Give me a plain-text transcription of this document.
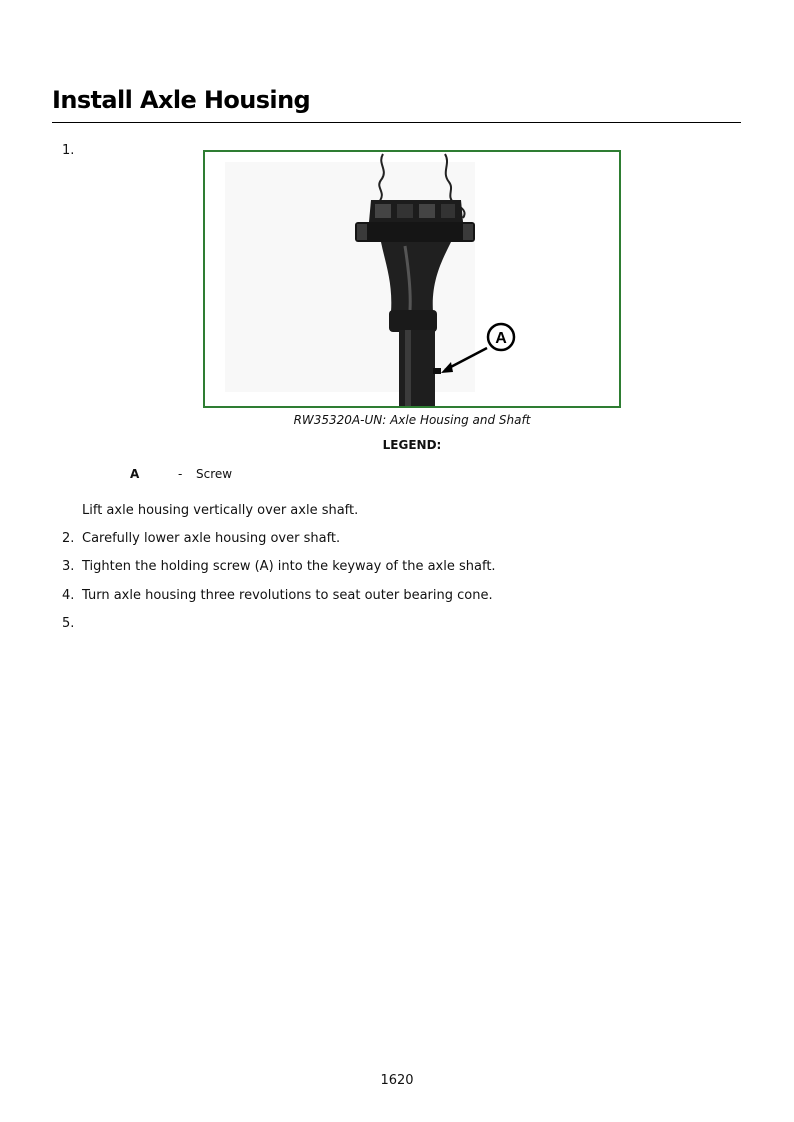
Install Axle Housing
1.
A
RW35320A-UN: Axle Housing and Shaft
LEGEND:
A	- Screw
Lift axle housing vertically over axle shaft.
2. Carefully lower axle housing over shaft.
3. Tighten the holding screw (A) into the keyway of the axle shaft.
4. Turn axle housing three revolutions to seat outer bearing cone.
5.
1620
